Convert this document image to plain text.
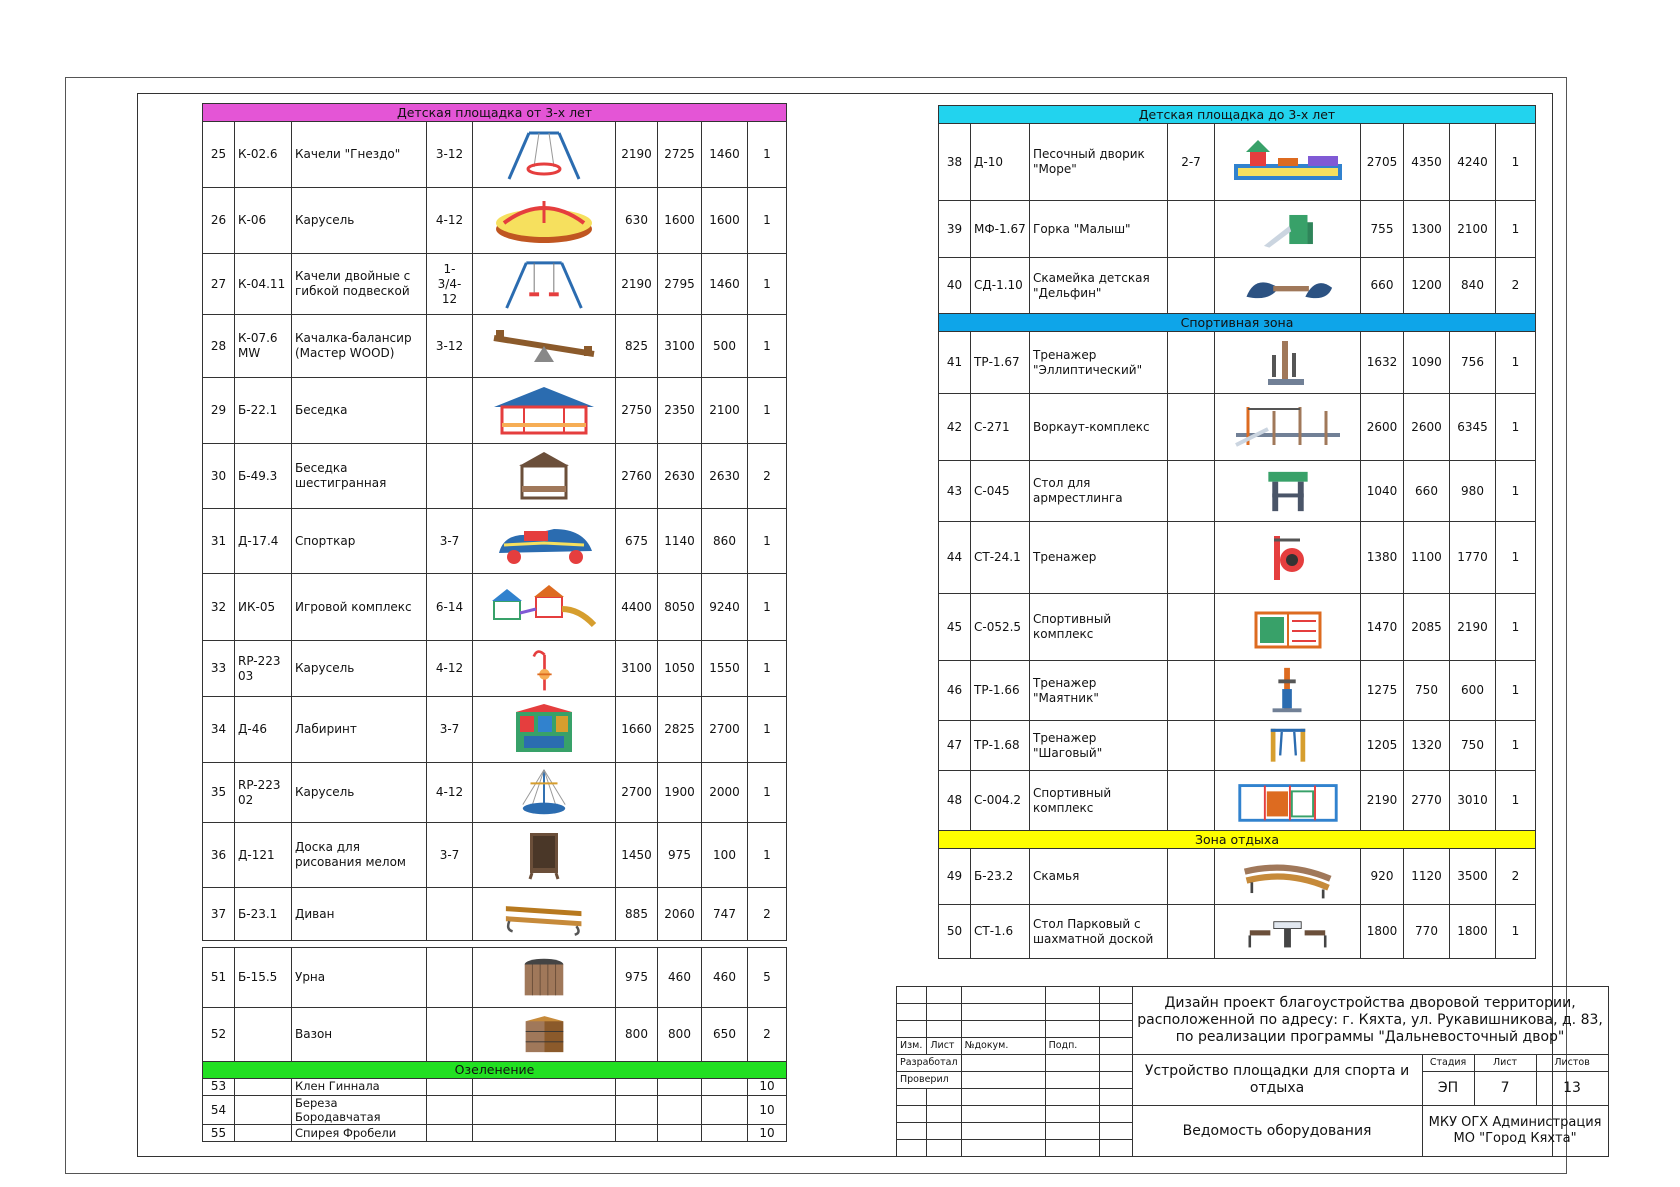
Детская площадка от 3-х лет								
25	К-02.6	Качели "Гнездо"	3-12		2190	2725	1460	1
26	К-06	Карусель	4-12		630	1600	1600	1
27	К-04.11	Качели двойные с гибкой подвеской	1-
3/4-
12		2190	2795	1460	1
28	К-07.6 MW	Качалка-балансир (Мастер WOOD)	3-12		825	3100	500	1
29	Б-22.1	Беседка			2750	2350	2100	1
30	Б-49.3	Беседка шестигранная			2760	2630	2630	2
31	Д-17.4	Спорткар	3-7		675	1140	860	1
32	ИК-05	Игровой комплекс	6-14		4400	8050	9240	1
33	RP-223 03	Карусель	4-12		3100	1050	1550	1
34	Д-46	Лабиринт	3-7		1660	2825	2700	1
35	RP-223 02	Карусель	4-12		2700	1900	2000	1
36	Д-121	Доска для рисования мелом	3-7		1450	975	100	1
37	Б-23.1	Диван			885	2060	747	2
51	Б-15.5	Урна			975	460	460	5
52		Вазон			800	800	650	2
Озеленение								
53		Клен Гиннала						10
54		Береза Бородавчатая						10
55		Спирея Фробели						10
Детская площадка до 3-х лет								
38	Д-10	Песочный дворик "Море"	2-7		2705	4350	4240	1
39	МФ-1.67	Горка "Малыш"			755	1300	2100	1
40	СД-1.10	Скамейка детская "Дельфин"			660	1200	840	2
Спортивная зона								
41	ТР-1.67	Тренажер "Эллиптический"			1632	1090	756	1
42	С-271	Воркаут-комплекс			2600	2600	6345	1
43	С-045	Стол для армрестлинга			1040	660	980	1
44	СТ-24.1	Тренажер			1380	1100	1770	1
45	С-052.5	Спортивный комплекс			1470	2085	2190	1
46	ТР-1.66	Тренажер "Маятник"			1275	750	600	1
47	ТР-1.68	Тренажер "Шаговый"			1205	1320	750	1
48	С-004.2	Спортивный комплекс			2190	2770	3010	1
Зона отдыха								
49	Б-23.2	Скамья			920	1120	3500	2
50	СТ-1.6	Стол Парковый с шахматной доской			1800	770	1800	1
					Дизайн проект благоустройства дворовой территории, расположенной по адресу: г. Кяхта, ул. Рукавишникова, д. 83, по реализации программы "Дальневосточный двор"			

Изм.	Лист	№докум.	Подп.					
Разработал					Устройство площадки для спорта и отдыха	Стадия	Лист	Листов
Проверил						ЭП	7	13

					Ведомость оборудования	МКУ ОГХ Администрация МО "Город Кяхта"		
